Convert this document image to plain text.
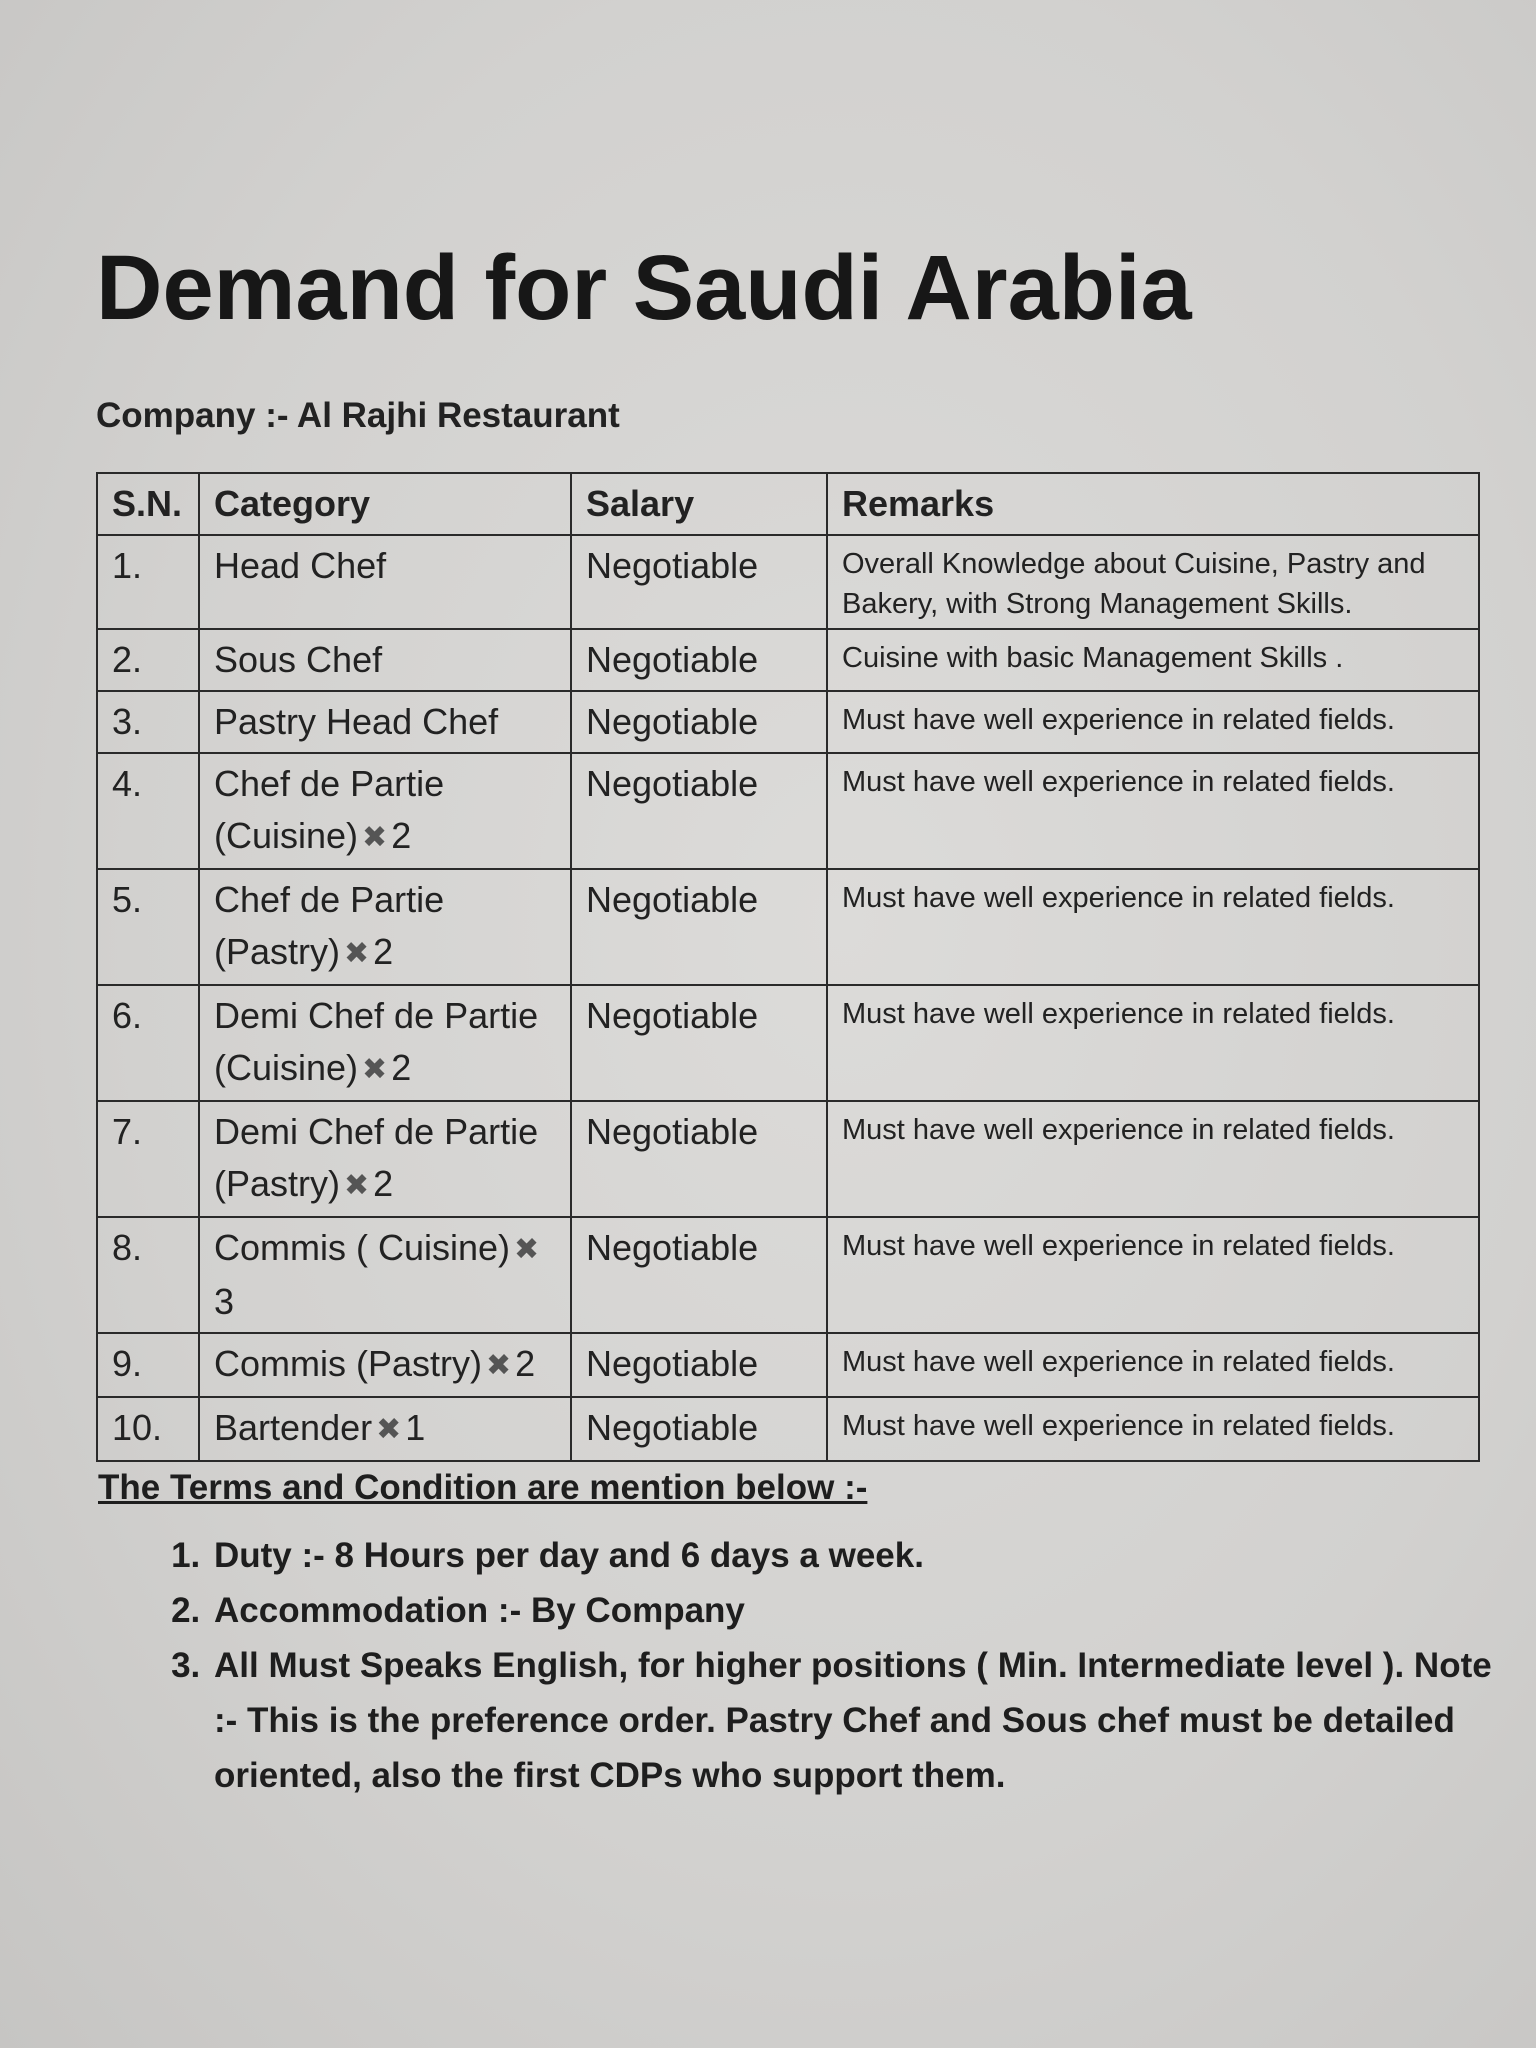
Demand for Saudi Arabia
Company :- Al Rajhi Restaurant
S.N.	Category	Salary	Remarks
1.	Head Chef	Negotiable	Overall Knowledge about Cuisine, Pastry and Bakery, with Strong Management Skills.
2.	Sous Chef	Negotiable	Cuisine with basic Management Skills .
3.	Pastry Head Chef	Negotiable	Must have well experience in related fields.
4.	Chef de Partie (Cuisine) ✖ 2	Negotiable	Must have well experience in related fields.
5.	Chef de Partie (Pastry) ✖ 2	Negotiable	Must have well experience in related fields.
6.	Demi Chef de Partie (Cuisine) ✖ 2	Negotiable	Must have well experience in related fields.
7.	Demi Chef de Partie (Pastry) ✖ 2	Negotiable	Must have well experience in related fields.
8.	Commis ( Cuisine) ✖3	Negotiable	Must have well experience in related fields.
9.	Commis (Pastry) ✖ 2	Negotiable	Must have well experience in related fields.
10.	Bartender ✖ 1	Negotiable	Must have well experience in related fields.
The Terms and Condition are mention below :-
1. Duty :- 8 Hours per day and 6 days a week.
2. Accommodation :- By Company
3. All Must Speaks English, for higher positions ( Min. Intermediate level ). Note :- This is the preference order. Pastry Chef and Sous chef must be detailed oriented, also the first CDPs who support them.
